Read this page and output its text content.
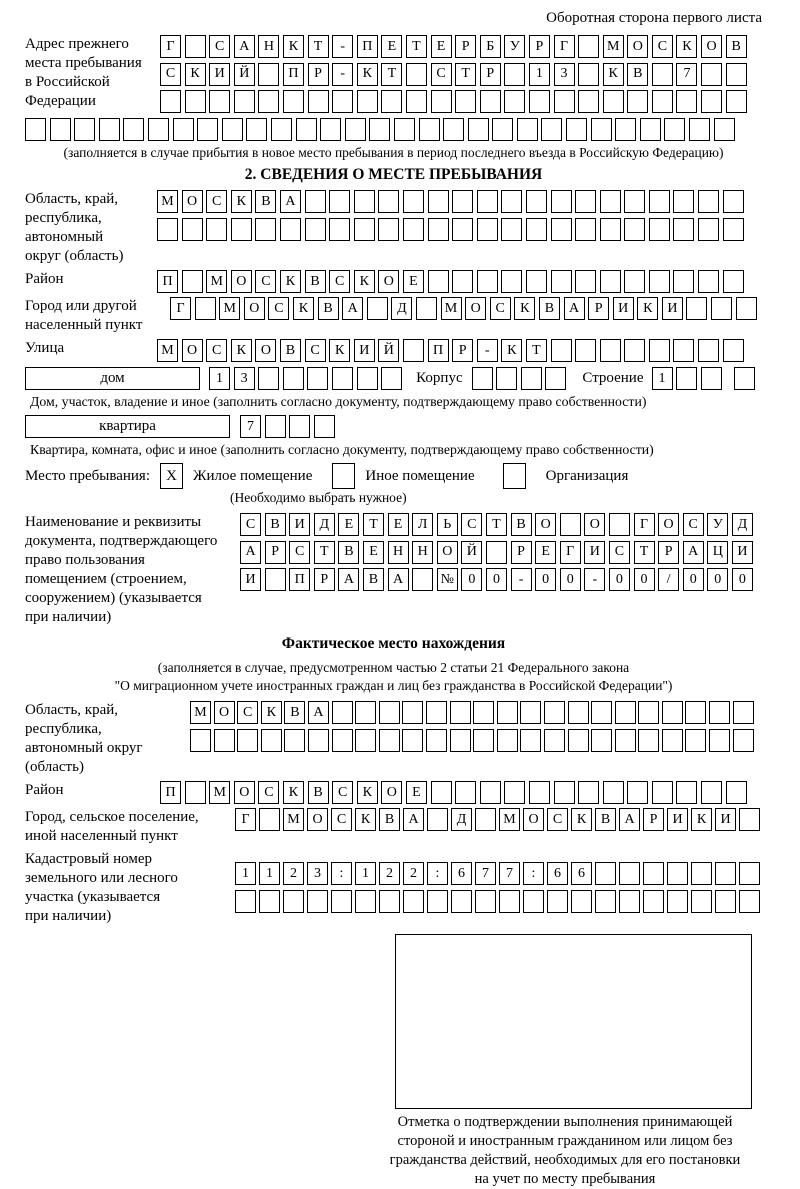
Оборотная сторона первого листа
Адрес прежнего
места пребывания
в Российской
Федерации
Г	С	А	Н	К	Т	-	П	Е	Т	Е	Р	Б	У	Р	Г	М О	С	К	О	В
С	К	И	Й	П	Р	-	К	Т	С	Т	Р	1	3	К	В	7
(заполняется в случае прибытия в новое место пребывания в период последнего въезда в Российскую Федерацию)
2. СВЕДЕНИЯ О МЕСТЕ ПРЕБЫВАНИЯ
Область, край,
республика,
автономный
округ (область)
М О	С	К	В	А
Район	П	М О	С	К	В	С	К	О	Е
Город или другой
населенный пункт
Г	М О	С	К	В	А	Д	М О	С	К	В	А	Р	И	К	И
Улица	М О	С	К	О	В	С	К	И	Й	П	Р	-	К	Т
дом	1	3	Корпус	Строение	1
Дом, участок, владение и иное (заполнить согласно документу, подтверждающему право собственности)
квартира	7
Квартира, комната, офис и иное (заполнить согласно документу, подтверждающему право собственности)
Место пребывания:	X	Жилое помещение	Иное помещение	Организация
(Необходимо выбрать нужное)
Наименование и реквизиты
документа, подтверждающего
право пользования
помещением (строением,
сооружением) (указывается
при наличии)
С	В	И	Д	Е	Т	Е	Л	Ь	С	Т	В	О	О	Г	О	С	У	Д
А	Р	С	Т	В	Е	Н	Н	О	Й	Р	Е	Г	И	С	Т	Р	А	Ц	И
И	П	Р	А	В	А	№	0	0	-	0	0	-	0	0	/	0	0	0
Фактическое место нахождения
(заполняется в случае, предусмотренном частью 2 статьи 21 Федерального закона
"О миграционном учете иностранных граждан и лиц без гражданства в Российской Федерации")
Область, край,
республика,
автономный округ
(область)
М О С	К	В А
Район	П	М О	С	К	В	С	К	О	Е
Город, сельское поселение,
иной населенный пункт
Г	М О	С	К	В	А	Д	М О	С	К	В	А	Р	И	К	И
Кадастровый номер
земельного или лесного
участка (указывается
при наличии)
1	1	2	3	:	1	2	2	:	6	7	7	:	6	6
Отметка о подтверждении выполнения принимающей
стороной и иностранным гражданином или лицом без
гражданства действий, необходимых для его постановки
на учет по месту пребывания
